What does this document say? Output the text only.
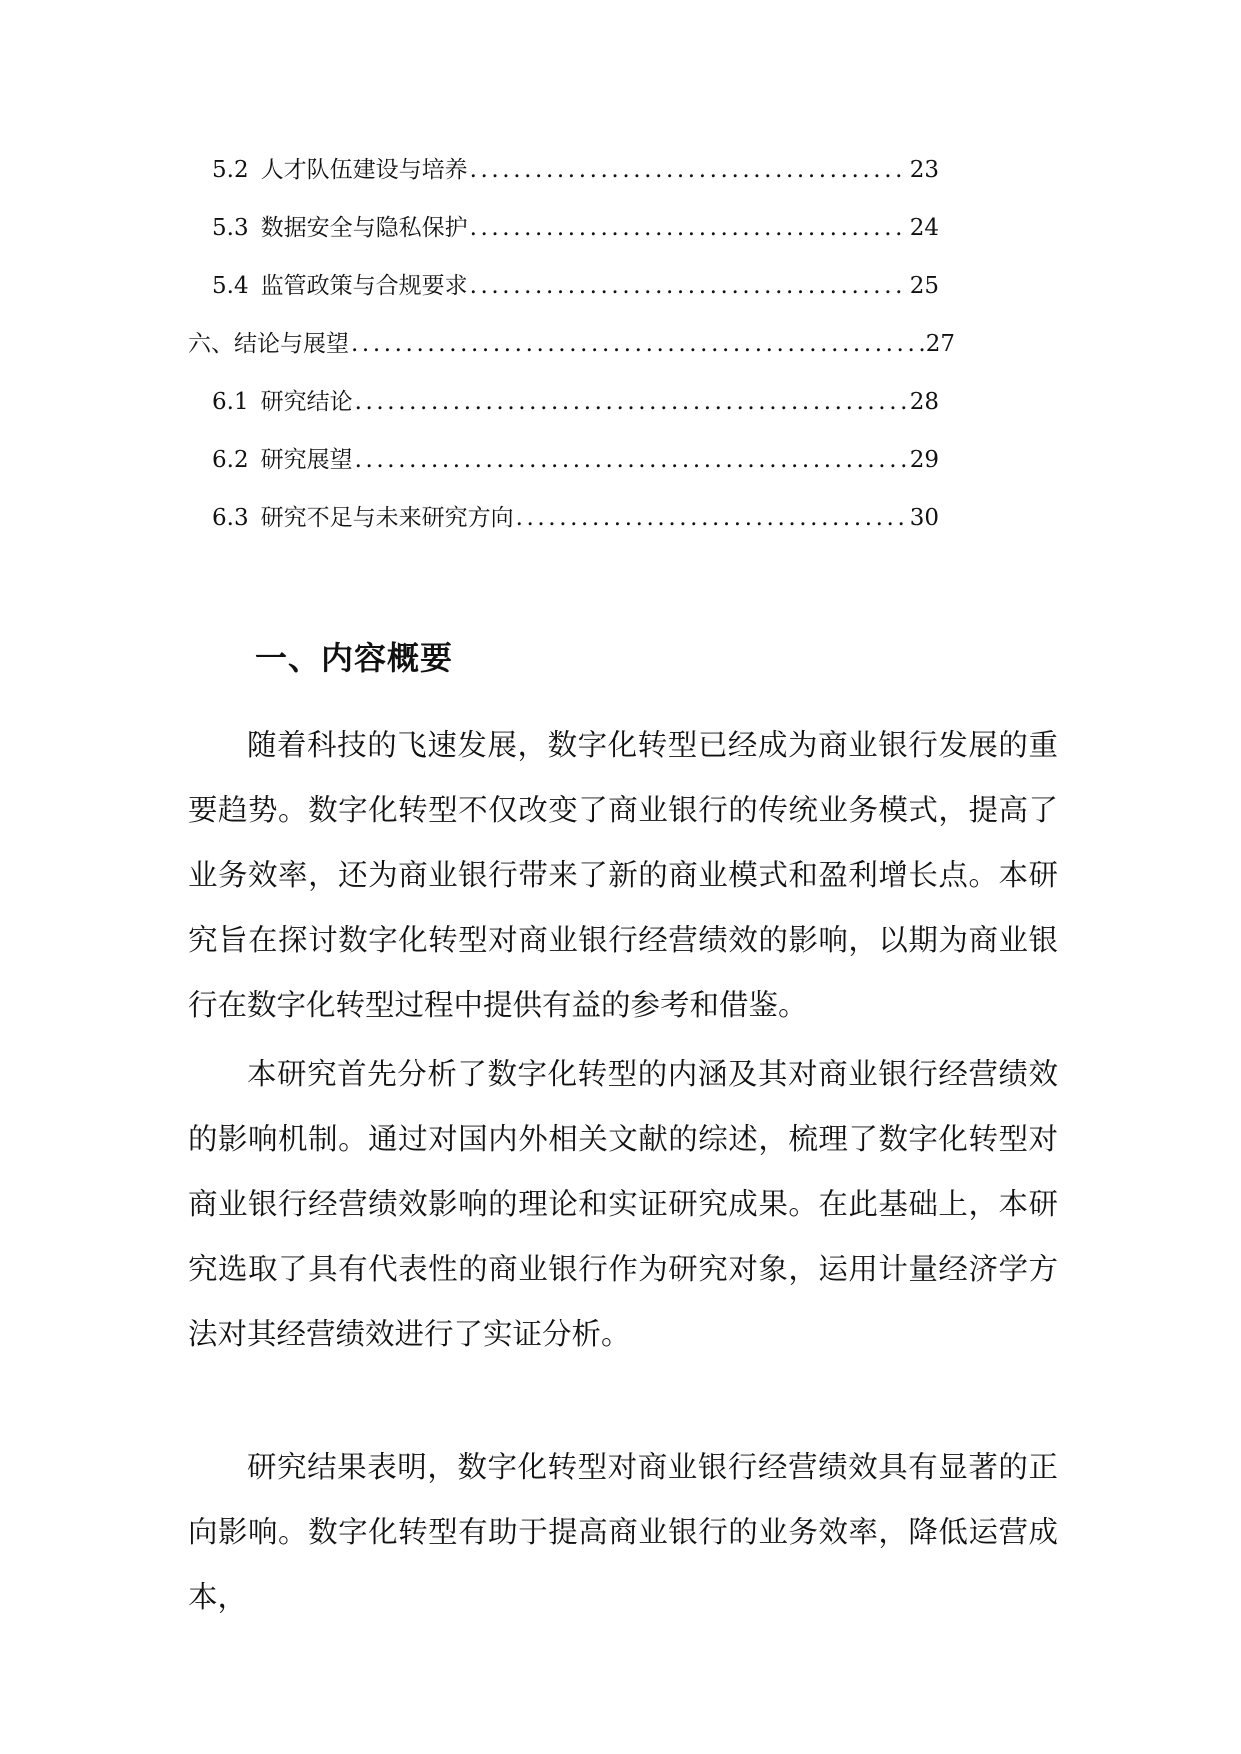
5.2 人才队伍建设与培养 .....	23
5.3 数据安全与隐私保护 .....	24
5.4 监管政策与合规要求 .....	25
六、结论与展望 .....	27
6.1 研究结论 .....	28
6.2 研究展望 .....	29
6.3 研究不足与未来研究方向 .....	30
一、内容概要

随着科技的飞速发展，数字化转型已经成为商业银行发展的重要趋势。数字化转型不仅改变了商业银行的传统业务模式，提高了业务效率，还为商业银行带来了新的商业模式和盈利增长点。本研究旨在探讨数字化转型对商业银行经营绩效的影响，以期为商业银行在数字化转型过程中提供有益的参考和借鉴。

本研究首先分析了数字化转型的内涵及其对商业银行经营绩效的影响机制。通过对国内外相关文献的综述，梳理了数字化转型对商业银行经营绩效影响的理论和实证研究成果。在此基础上，本研究选取了具有代表性的商业银行作为研究对象，运用计量经济学方法对其经营绩效进行了实证分析。

研究结果表明，数字化转型对商业银行经营绩效具有显著的正向影响。数字化转型有助于提高商业银行的业务效率，降低运营成本，
